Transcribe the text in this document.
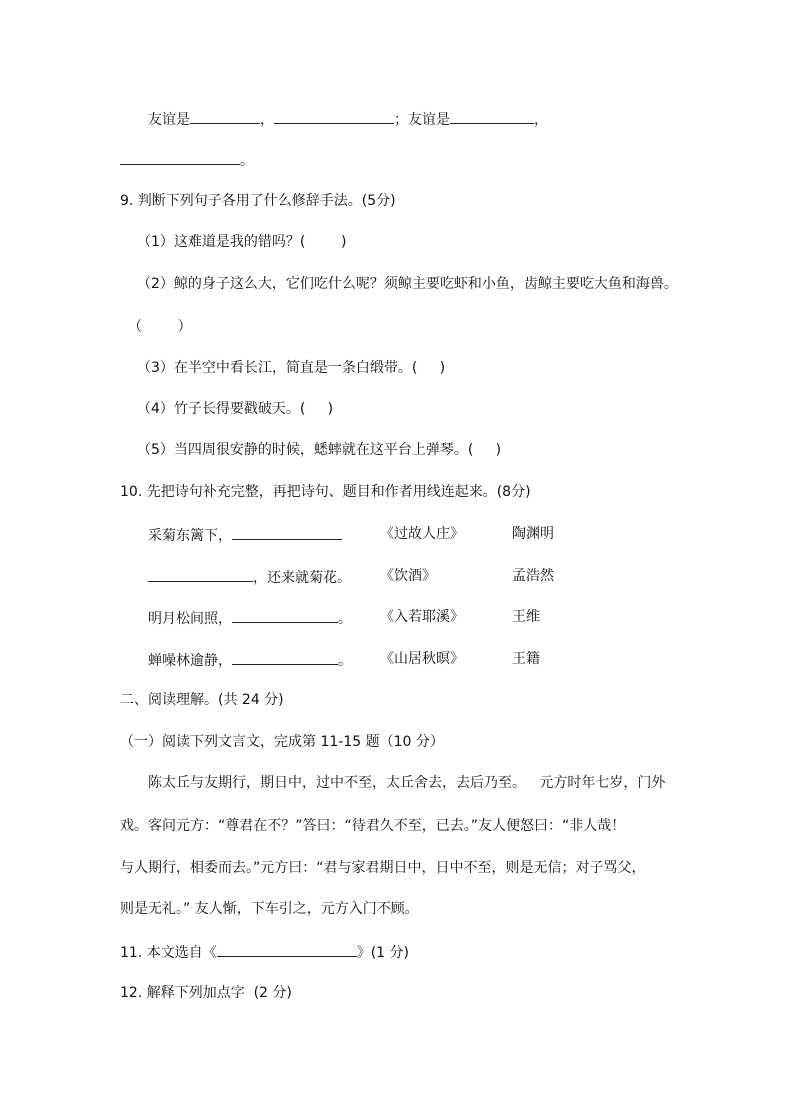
友谊是	，	；友谊是	，
。
9. 判断下列句子各用了什么修辞手法。(5分)
（1）这难道是我的错吗？(        )
（2）鲸的身子这么大，它们吃什么呢？须鲸主要吃虾和小鱼，齿鲸主要吃大鱼和海兽。
（        ）
（3）在半空中看长江，简直是一条白缎带。(     )
（4）竹子长得要戳破天。(     )
（5）当四周很安静的时候，蟋蟀就在这平台上弹琴。(     )
10. 先把诗句补充完整，再把诗句、题目和作者用线连起来。(8分)
采菊东篱下，	《过故人庄》	陶渊明
，还来就菊花。 《饮酒》	孟浩然
明月松间照，	。 《入若耶溪》	王维
蝉噪林逾静，	。 《山居秋暝》	王籍
二、阅读理解。(共 24 分)
（一）阅读下列文言文，完成第 11-15 题（10 分）
陈太丘与友期行，期日中，过中不至，太丘舍去，去后乃至。   元方时年七岁，门外
戏。客问元方：“尊君在不？”答曰：“待君久不至，已去。”友人便怒曰：“非人哉！
与人期行，相委而去。”元方曰：“君与家君期日中，日中不至，则是无信；对子骂父，
则是无礼。” 友人惭，下车引之，元方入门不顾。
11. 本文选自《	》(1 分)
12. 解释下列加点字  (2 分)
